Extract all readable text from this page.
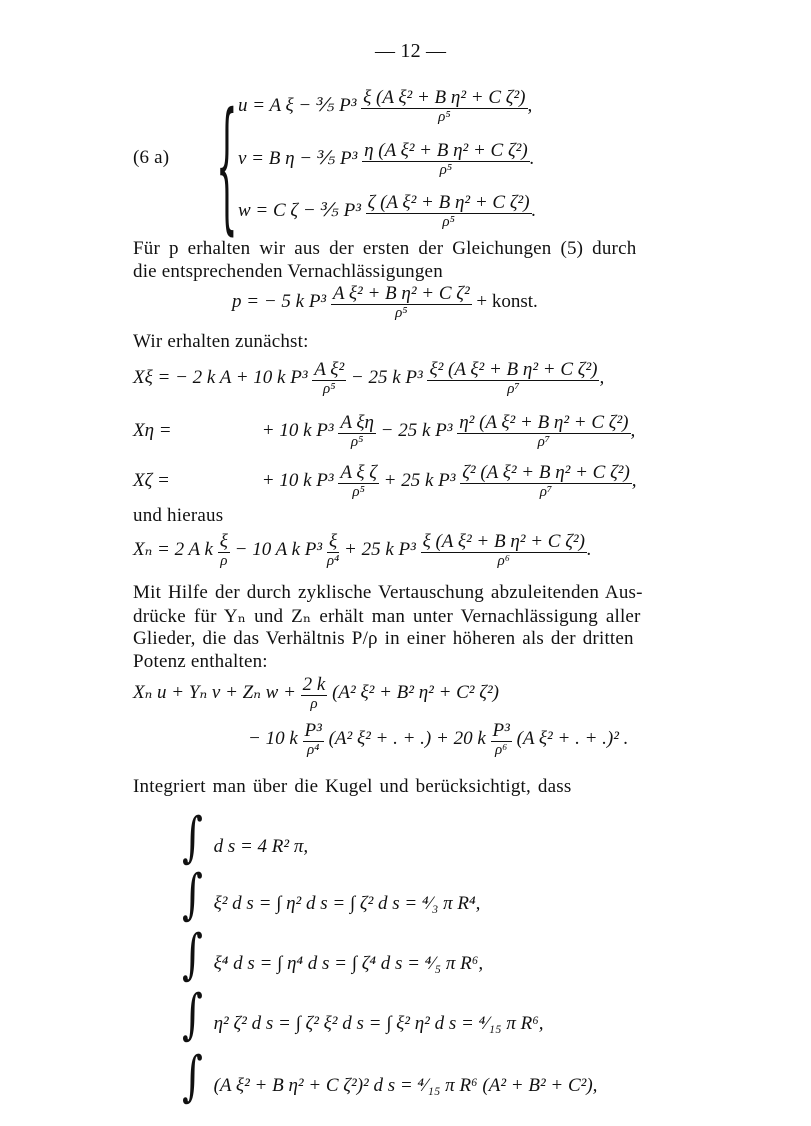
— 12 —
(6 a) { u = A ξ − ⅗ $P^3 \frac{\text{ξ (A ξ² + B η² + C ζ²)}}{\text{ρ⁵}}$ ,
v = B η − ⅗ $P^3 \frac{\text{η (A ξ² + B η² + C ζ²)}}{\text{ρ⁵}}$ .
w = C ζ − ⅗ $P^3 \frac{\text{ζ (A ξ² + B η² + C ζ²)}}{\text{ρ⁵}}$ .
Für p erhalten wir aus der ersten der Gleichungen (5) durch
die entsprechenden Vernachlässigungen
p = − 5 k $P^3 \frac{\text{A ξ² + B η² + C ζ²}}{\text{ρ⁵}}$ + konst.
Wir erhalten zunächst:
Xξ = − 2 k A + 10 k $P^3 \frac{\text{A ξ²}}{\text{ρ⁵}} - 25$ k $P^3 \frac{\text{ξ² (A ξ² + B η² + C ζ²)}}{\text{ρ⁷}}$ ,
Xη =	+ 10 k $P^3 \frac{\text{A ξη}}{\text{ρ⁵}} - 25$ k $P^3 \frac{\text{η² (A ξ² + B η² + C ζ²)}}{\text{ρ⁷}}$ ,
Xζ =	+ 10 k $P^3 \frac{\text{A ξ ζ}}{\text{ρ⁵}} + 25$ k $P^3 \frac{\text{ζ² (A ξ² + B η² + C ζ²)}}{\text{ρ⁷}}$ ,
und hieraus
Xₙ = 2 A k $\frac{\xi}{\rho} - 10$ A k $P^3 \frac{\xi}{\text{ρ⁴}} + 25$ k $P^3 \frac{\text{ξ (A ξ² + B η² + C ζ²)}}{\text{ρ⁶}}$ .
Mit Hilfe der durch zyklische Vertauschung abzuleitenden Aus-
drücke für Yₙ und Zₙ erhält man unter Vernachlässigung aller
Glieder, die das Verhältnis P/ρ in einer höheren als der dritten
Potenz enthalten:
Xₙ u + Yₙ v + Zₙ $w + \frac{2 k}{\rho} (A^2$ ξ² + B² η² + C² ζ²)
− 10 k $\frac{\text{P³}}{\text{ρ⁴}} (A^2$ ξ² + . + .) + 20 k $\frac{\text{P³}}{\text{ρ⁶}} (A$ ξ² + . + .)² .
Integriert man über die Kugel und berücksichtigt, dass
∫ d s = 4 R² π,
∫ ξ² d s = ∫ η² d s = ∫ ζ² d s = ⁴⁄₃ π R⁴,
∫ ξ⁴ d s = ∫ η⁴ d s = ∫ ζ⁴ d s = ⁴⁄₅ π R⁶,
∫ η² ζ² d s = ∫ ζ² ξ² d s = ∫ ξ² η² d s = ⁴⁄₁₅ π R⁶,
∫ (A ξ² + B η² + C ζ²)² d s = ⁴⁄₁₅ π R⁶ (A² + B² + C²),
